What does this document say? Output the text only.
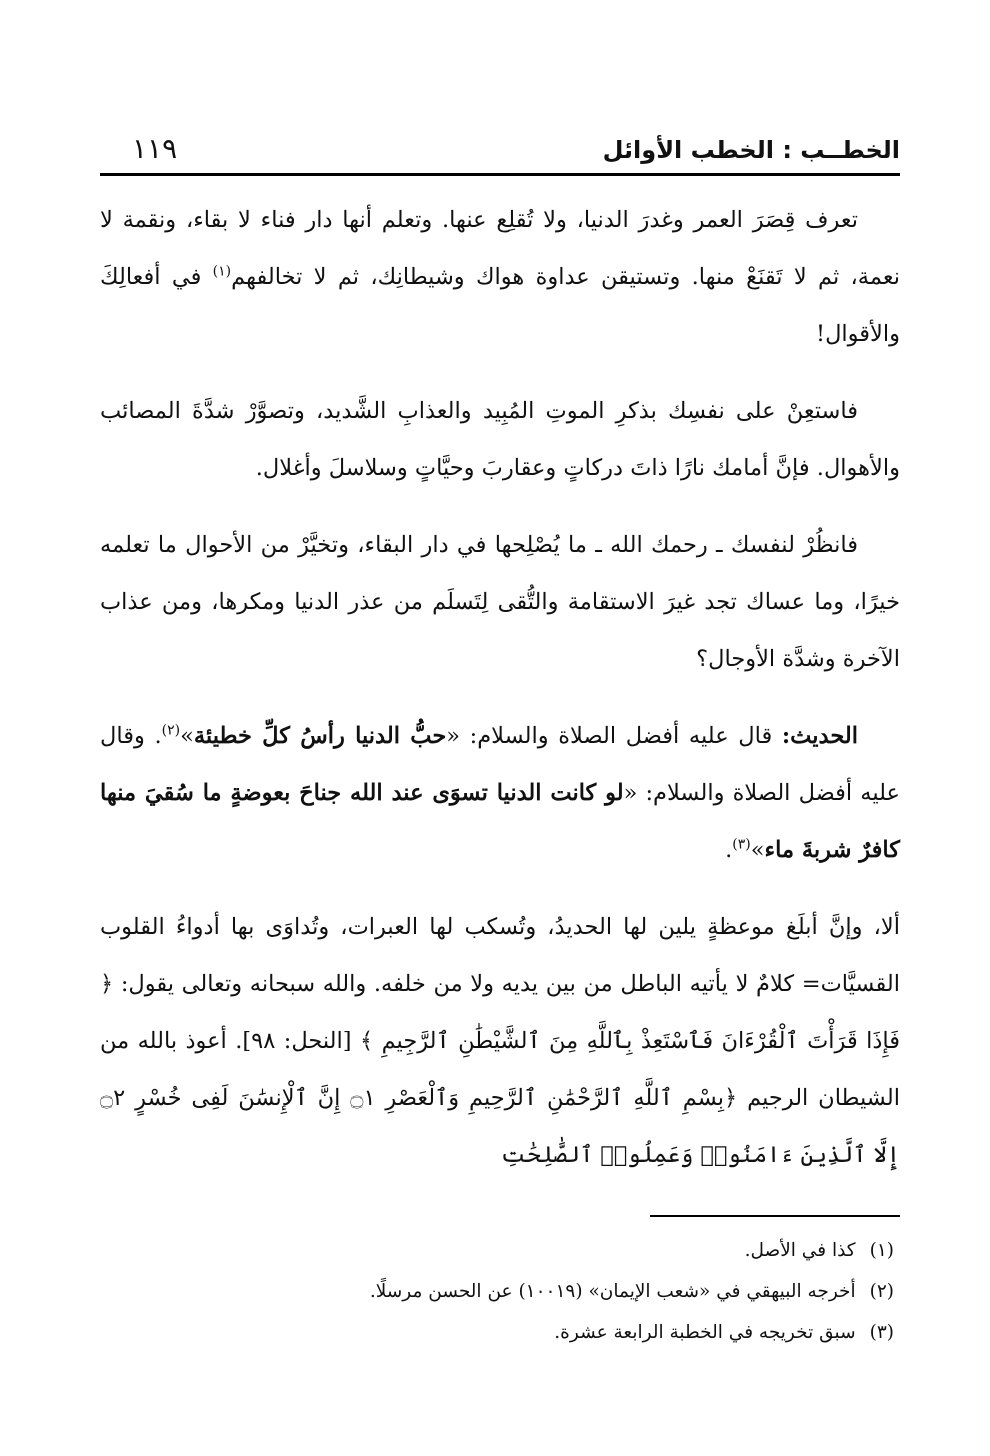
الخطــب : الخطب الأوائل
١١٩

تعرف قِصَرَ العمر وغدرَ الدنيا، ولا تُقلِع عنها. وتعلم أنها دار فناء لا بقاء، ونقمة لا نعمة، ثم لا تَقنَعْ منها. وتستيقن عداوة هواك وشيطانِك، ثم لا تخالفهم$^{(١)}$ في أفعالِكَ والأقوال!

فاستعِنْ على نفسِك بذكرِ الموتِ المُبِيد والعذابِ الشَّديد، وتصوَّرْ شدَّةَ المصائب والأهوال. فإنَّ أمامك نارًا ذاتَ دركاتٍ وعقاربَ وحيَّاتٍ وسلاسلَ وأغلال.

فانظُرْ لنفسك ـ رحمك الله ـ ما يُصْلِحها في دار البقاء، وتخيَّرْ من الأحوال ما تعلمه خيرًا، وما عساك تجد غيرَ الاستقامة والتُّقى لِتَسلَم من عذر الدنيا ومكرها، ومن عذاب الآخرة وشدَّة الأوجال؟

الحديث: قال عليه أفضل الصلاة والسلام: «حبُّ الدنيا رأسُ كلِّ خطيئة»$^{(٢)}$. وقال عليه أفضل الصلاة والسلام: «لو كانت الدنيا تسوَى عند الله جناحَ بعوضةٍ ما سُقيَ منها كافرٌ شربةَ ماء»$^{(٣)}$.

ألا، وإنَّ أبلَغ موعظةٍ يلين لها الحديدُ، وتُسكب لها العبرات، وتُداوَى بها أدواءُ القلوب القسيَّات= كلامٌ لا يأتيه الباطل من بين يديه ولا من خلفه. والله سبحانه وتعالى يقول: ﴿ فَإِذَا قَرَأْتَ ٱلْقُرْءَانَ فَٱسْتَعِذْ بِٱللَّهِ مِنَ ٱلشَّيْطَٰنِ ٱلرَّجِيمِ ﴾ [النحل: ٩٨]. أعوذ بالله من الشيطان الرجيم ﴿بِسْمِ ٱللَّهِ ٱلرَّحْمَٰنِ ٱلرَّحِيمِ وَٱلْعَصْرِ ۝١ إِنَّ ٱلْإِنسَٰنَ لَفِى خُسْرٍ ۝٢ إِلَّا ٱلَّذِينَ ءَامَنُوا۟ وَعَمِلُوا۟ ٱلصَّٰلِحَٰتِ

(١)كذا في الأصل.
(٢)أخرجه البيهقي في «شعب الإيمان» (١٠٠١٩) عن الحسن مرسلًا.
(٣)سبق تخريجه في الخطبة الرابعة عشرة.
